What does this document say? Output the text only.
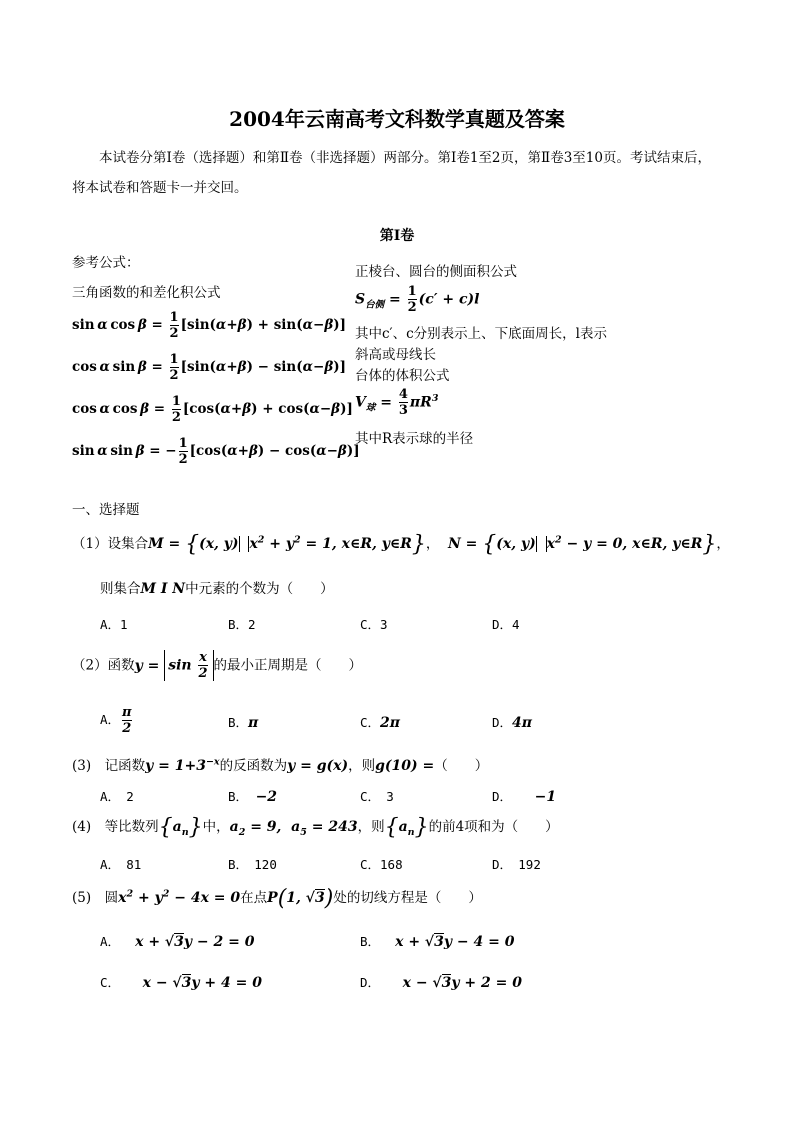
2004年云南高考文科数学真题及答案
本试卷分第Ⅰ卷（选择题）和第Ⅱ卷（非选择题）两部分。第Ⅰ卷1至2页，第Ⅱ卷3至10页。考试结束后，将本试卷和答题卡一并交回。
第Ⅰ卷
参考公式：
三角函数的和差化积公式
sin α $\cos \beta = \frac{1}{2} [\sin(\alpha+\beta) + \sin(\alpha-\beta)]$
cos α $\sin \beta = \frac{1}{2} [\sin(\alpha+\beta) - \sin(\alpha-\beta)]$
cos α $\cos \beta = \frac{1}{2} [\cos(\alpha+\beta) + \cos(\alpha-\beta)]$
sin α sin β = − $\frac{1}{2} [\cos(\alpha+\beta) - \cos(\alpha-\beta)]$
正棱台、圆台的侧面积公式
$S_{台侧} = \frac{1}{2} (c' + c)l$
其中c′、c分别表示上、下底面周长，l表示
斜高或母线长
台体的体积公式
$V_球 = \frac{4}{3} \pi R^3$
其中R表示球的半径
一、选择题
（1）设集合M = {(x, y) $x^2 + y^2 = 1$, x∈R, y∈R}，  N = {(x, y) $x^2 - y = 0$, x∈R, y∈R}，
则集合M I N中元素的个数为（　　）
A．1	B．2	C．3	D．4
（2）函数$y = \sin \frac{x}{2}$ 的最小正周期是（　　）
A． $\frac{\pi}{2}$	B．π	C．2π	D．4π
(3)　记函数$y = 1+3^{-x}$的反函数为y = g(x)，则g(10) =（　　）
A．　2	B． −2	C．　3	D． −1
(4)　等比数列$\{a_n\}$中，$a_2 = 9$,  $a_5 = 243$，则$\{a_n\}$的前4项和为（　　）
A．　81	B．　120	C．168	D．　192
(5)　圆$x^2 + y^2 - 4x = 0$在点P(1, √3)处的切线方程是（　　）
A． x + √3y − 2 = 0	B． x + √3y − 4 = 0
C． x − √3y + 4 = 0	D． x − √3y + 2 = 0
